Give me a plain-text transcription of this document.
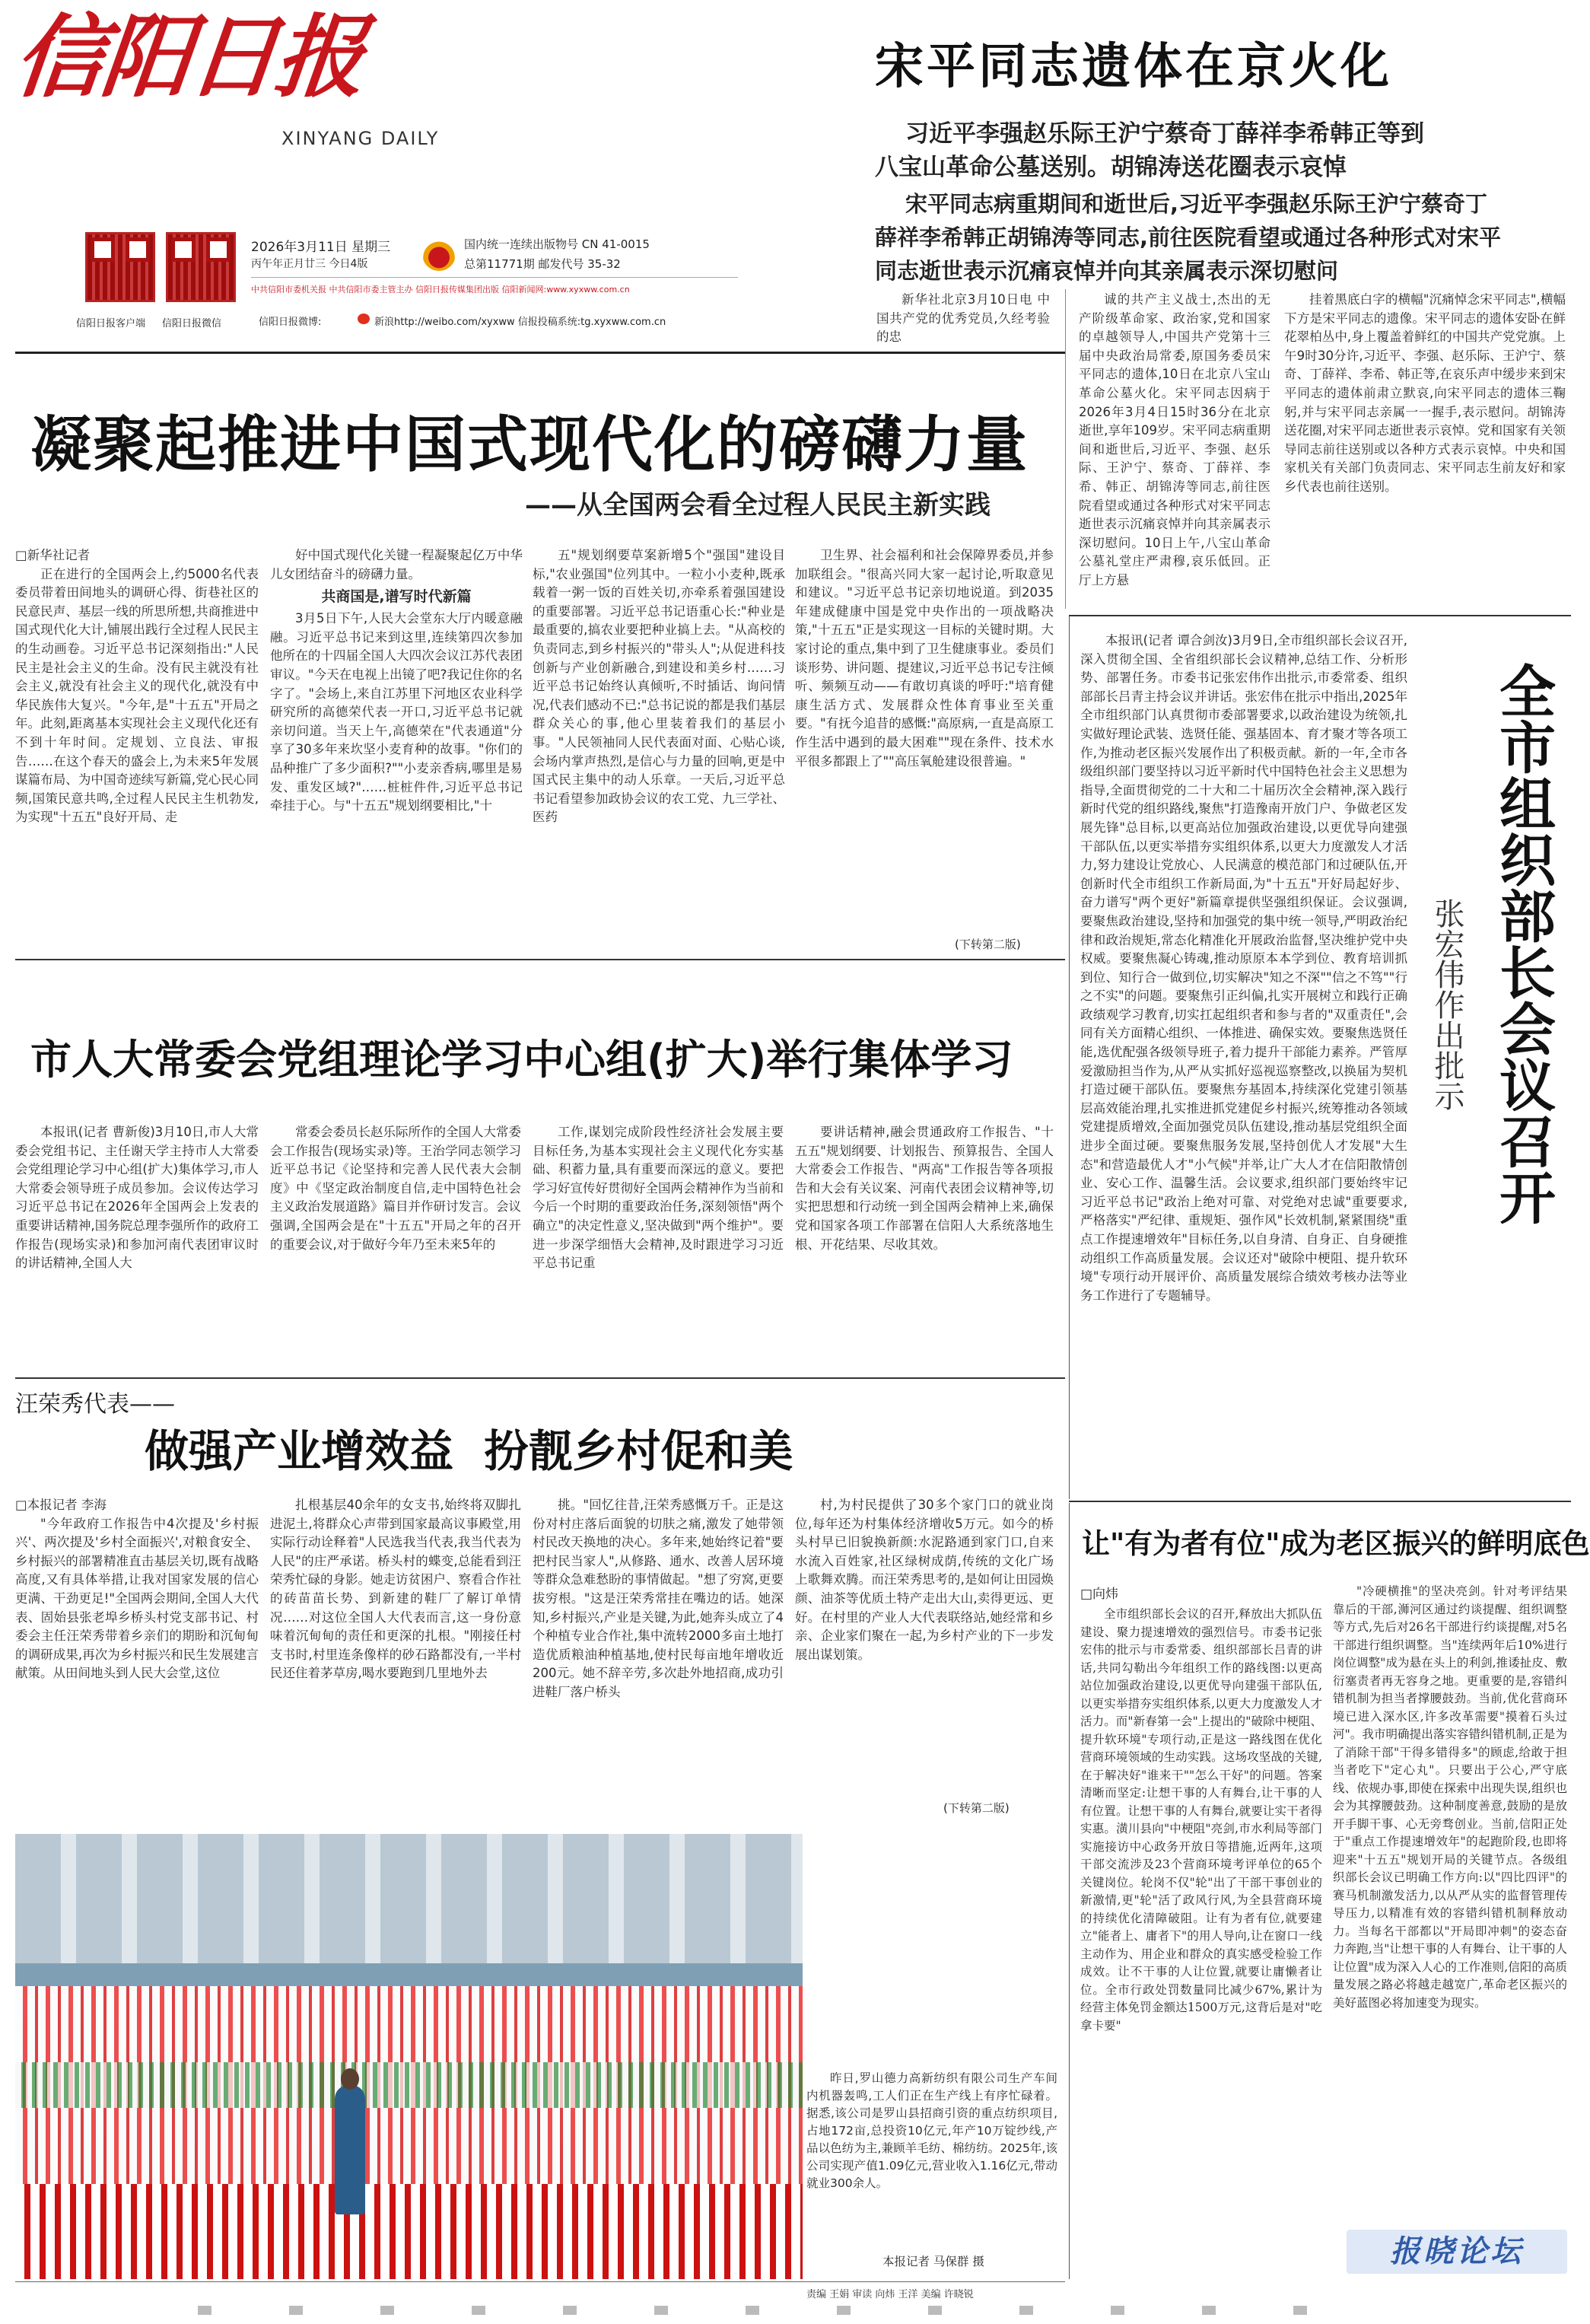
信阳日报
XINYANG DAILY
信阳日报客户端 信阳日报微信
2026年3月11日 星期三
丙午年正月廿三 今日4版
国内统一连续出版物号 CN 41-0015
总第11771期 邮发代号 35-32
中共信阳市委机关报 中共信阳市委主管主办 信阳日报传媒集团出版 信阳新闻网:www.xyxww.com.cn
信阳日报微博:	新浪http://weibo.com/xyxww 信报投稿系统:tg.xyxww.com.cn
宋平同志遗体在京火化
习近平李强赵乐际王沪宁蔡奇丁薛祥李希韩正等到
八宝山革命公墓送别。胡锦涛送花圈表示哀悼
宋平同志病重期间和逝世后,习近平李强赵乐际王沪宁蔡奇丁
薛祥李希韩正胡锦涛等同志,前往医院看望或通过各种形式对宋平
同志逝世表示沉痛哀悼并向其亲属表示深切慰问

新华社北京3月10日电 中国共产党的优秀党员,久经考验的忠

诚的共产主义战士,杰出的无产阶级革命家、政治家,党和国家的卓越领导人,中国共产党第十三届中央政治局常委,原国务委员宋平同志的遗体,10日在北京八宝山革命公墓火化。宋平同志因病于2026年3月4日15时36分在北京逝世,享年109岁。宋平同志病重期间和逝世后,习近平、李强、赵乐际、王沪宁、蔡奇、丁薛祥、李希、韩正、胡锦涛等同志,前往医院看望或通过各种形式对宋平同志逝世表示沉痛哀悼并向其亲属表示深切慰问。10日上午,八宝山革命公墓礼堂庄严肃穆,哀乐低回。正厅上方悬

挂着黑底白字的横幅"沉痛悼念宋平同志",横幅下方是宋平同志的遗像。宋平同志的遗体安卧在鲜花翠柏丛中,身上覆盖着鲜红的中国共产党党旗。上午9时30分许,习近平、李强、赵乐际、王沪宁、蔡奇、丁薛祥、李希、韩正等,在哀乐声中缓步来到宋平同志的遗体前肃立默哀,向宋平同志的遗体三鞠躬,并与宋平同志亲属一一握手,表示慰问。胡锦涛送花圈,对宋平同志逝世表示哀悼。党和国家有关领导同志前往送别或以各种方式表示哀悼。中央和国家机关有关部门负责同志、宋平同志生前友好和家乡代表也前往送别。

凝聚起推进中国式现代化的磅礴力量
——从全国两会看全过程人民民主新实践

□新华社记者

正在进行的全国两会上,约5000名代表委员带着田间地头的调研心得、街巷社区的民意民声、基层一线的所思所想,共商推进中国式现代化大计,铺展出践行全过程人民民主的生动画卷。习近平总书记深刻指出:"人民民主是社会主义的生命。没有民主就没有社会主义,就没有社会主义的现代化,就没有中华民族伟大复兴。"今年,是"十五五"开局之年。此刻,距离基本实现社会主义现代化还有不到十年时间。定规划、立良法、审报告……在这个春天的盛会上,为未来5年发展谋篇布局、为中国奇迹续写新篇,党心民心同频,国策民意共鸣,全过程人民民主生机勃发,为实现"十五五"良好开局、走

好中国式现代化关键一程凝聚起亿万中华儿女团结奋斗的磅礴力量。

共商国是,谱写时代新篇

3月5日下午,人民大会堂东大厅内暖意融融。习近平总书记来到这里,连续第四次参加他所在的十四届全国人大四次会议江苏代表团审议。"今天在电视上出镜了吧?我记住你的名字了。"会场上,来自江苏里下河地区农业科学研究所的高德荣代表一开口,习近平总书记就亲切问道。当天上午,高德荣在"代表通道"分享了30多年来坎坚小麦育种的故事。"你们的品种推广了多少面积?""小麦亲香病,哪里是易发、重发区域?"……桩桩件件,习近平总书记牵挂于心。与"十五五"规划纲要相比,"十

五"规划纲要草案新增5个"强国"建设目标,"农业强国"位列其中。一粒小小麦种,既承载着一粥一饭的百姓关切,亦牵系着强国建设的重要部署。习近平总书记语重心长:"种业是最重要的,搞农业要把种业搞上去。"从高校的负责同志,到乡村振兴的"带头人";从促进科技创新与产业创新融合,到建设和美乡村……习近平总书记始终认真倾听,不时插话、询问情况,代表们感动不已:"总书记说的都是我们基层群众关心的事,他心里装着我们的基层小事。"人民领袖同人民代表面对面、心贴心谈,会场内掌声热烈,是信心与力量的回响,更是中国式民主集中的动人乐章。一天后,习近平总书记看望参加政协会议的农工党、九三学社、医药

卫生界、社会福利和社会保障界委员,并参加联组会。"很高兴同大家一起讨论,听取意见和建议。"习近平总书记亲切地说道。到2035年建成健康中国是党中央作出的一项战略决策,"十五五"正是实现这一目标的关键时期。大家讨论的重点,集中到了卫生健康事业。委员们谈形势、讲问题、提建议,习近平总书记专注倾听、频频互动——有敢切真谈的呼吁:"培育健康生活方式、发展群众性体育事业至关重要。"有抚今追昔的感慨:"高原病,一直是高原工作生活中遇到的最大困难""现在条件、技术水平很多都跟上了""高压氧舱建设很普遍。"

(下转第二版)	全市组织部长会议召开
张宏伟作出批示

本报讯(记者 谭合剑汝)3月9日,全市组织部长会议召开,深入贯彻全国、全省组织部长会议精神,总结工作、分析形势、部署任务。市委书记张宏伟作出批示,市委常委、组织部部长吕青主持会议并讲话。张宏伟在批示中指出,2025年全市组织部门认真贯彻市委部署要求,以政治建设为统领,扎实做好理论武装、选贤任能、强基固本、育才聚才等各项工作,为推动老区振兴发展作出了积极贡献。新的一年,全市各级组织部门要坚持以习近平新时代中国特色社会主义思想为指导,全面贯彻党的二十大和二十届历次全会精神,深入践行新时代党的组织路线,聚焦"打造豫南开放门户、争做老区发展先锋"总目标,以更高站位加强政治建设,以更优导向建强干部队伍,以更实举措夯实组织体系,以更大力度激发人才活力,努力建设让党放心、人民满意的模范部门和过硬队伍,开创新时代全市组织工作新局面,为"十五五"开好局起好步、奋力谱写"两个更好"新篇章提供坚强组织保证。会议强调,要聚焦政治建设,坚持和加强党的集中统一领导,严明政治纪律和政治规矩,常态化精准化开展政治监督,坚决维护党中央权威。要聚焦凝心铸魂,推动原原本本学到位、教育培训抓到位、知行合一做到位,切实解决"知之不深""信之不笃""行之不实"的问题。要聚焦引正纠偏,扎实开展树立和践行正确政绩观学习教育,切实扛起组织者和参与者的"双重责任",会同有关方面精心组织、一体推进、确保实效。要聚焦选贤任能,选优配强各级领导班子,着力提升干部能力素养。严管厚爱激励担当作为,从严从实抓好巡视巡察整改,以换届为契机打造过硬干部队伍。要聚焦夯基固本,持续深化党建引领基层高效能治理,扎实推进抓党建促乡村振兴,统筹推动各领域党建提质增效,全面加强党员队伍建设,推动基层党组织全面进步全面过硬。要聚焦服务发展,坚持创优人才发展"大生态"和营造最优人才"小气候"并举,让广大人才在信阳散情创业、安心工作、温馨生活。会议要求,组织部门要始终牢记习近平总书记"政治上绝对可靠、对党绝对忠诚"重要要求,严格落实"严纪律、重规矩、强作风"长效机制,紧紧围绕"重点工作提速增效年"目标任务,以自身清、自身正、自身硬推动组织工作高质量发展。会议还对"破除中梗阻、提升软环境"专项行动开展评价、高质量发展综合绩效考核办法等业务工作进行了专题辅导。

市人大常委会党组理论学习中心组(扩大)举行集体学习

本报讯(记者 曹新俊)3月10日,市人大常委会党组书记、主任谢天学主持市人大常委会党组理论学习中心组(扩大)集体学习,市人大常委会领导班子成员参加。会议传达学习习近平总书记在2026年全国两会上发表的重要讲话精神,国务院总理李强所作的政府工作报告(现场实录)和参加河南代表团审议时的讲话精神,全国人大

常委会委员长赵乐际所作的全国人大常委会工作报告(现场实录)等。王治学同志领学习近平总书记《论坚持和完善人民代表大会制度》中《坚定政治制度自信,走中国特色社会主义政治发展道路》篇目并作研讨发言。会议强调,全国两会是在"十五五"开局之年的召开的重要会议,对于做好今年乃至未来5年的

工作,谋划完成阶段性经济社会发展主要目标任务,为基本实现社会主义现代化夯实基础、积蓄力量,具有重要而深远的意义。要把学习好宣传好贯彻好全国两会精神作为当前和今后一个时期的重要政治任务,深刻领悟"两个确立"的决定性意义,坚决做到"两个维护"。要进一步深学细悟大会精神,及时跟进学习习近平总书记重

要讲话精神,融会贯通政府工作报告、"十五五"规划纲要、计划报告、预算报告、全国人大常委会工作报告、"两高"工作报告等各项报告和大会有关议案、河南代表团会议精神等,切实把思想和行动统一到全国两会精神上来,确保党和国家各项工作部署在信阳人大系统落地生根、开花结果、尽收其效。

汪荣秀代表——
做强产业增效益  扮靓乡村促和美

□本报记者 李海

"今年政府工作报告中4次提及'乡村振兴'、两次提及'乡村全面振兴',对粮食安全、乡村振兴的部署精准直击基层关切,既有战略高度,又有具体举措,让我对国家发展的信心更满、干劲更足!"全国两会期间,全国人大代表、固始县张老埠乡桥头村党支部书记、村委会主任汪荣秀带着乡亲们的期盼和沉甸甸的调研成果,再次为乡村振兴和民生发展建言献策。从田间地头到人民大会堂,这位

扎根基层40余年的女支书,始终将双脚扎进泥土,将群众心声带到国家最高议事殿堂,用实际行动诠释着"人民选我当代表,我当代表为人民"的庄严承诺。桥头村的蝶变,总能看到汪荣秀忙碌的身影。她走访贫困户、察看合作社的砖苗苗长势、到新建的鞋厂了解订单情况……对这位全国人大代表而言,这一身份意味着沉甸甸的责任和更深的扎根。"刚接任村支书时,村里连条像样的砂石路都没有,一半村民还住着茅草房,喝水要跑到几里地外去

挑。"回忆往昔,汪荣秀感慨万千。正是这份对村庄落后面貌的切肤之痛,激发了她带领村民改天换地的决心。多年来,她始终记着"要把村民当家人",从修路、通水、改善人居环境等群众急难愁盼的事情做起。"想了穷窝,更要拔穷根。"这是汪荣秀常挂在嘴边的话。她深知,乡村振兴,产业是关键,为此,她奔头成立了4个种植专业合作社,集中流转2000多亩土地打造优质粮油种植基地,使村民每亩地年增收近200元。她不辞辛劳,多次赴外地招商,成功引进鞋厂落户桥头

村,为村民提供了30多个家门口的就业岗位,每年还为村集体经济增收5万元。如今的桥头村早已旧貌换新颜:水泥路通到家门口,自来水流入百姓家,社区绿树成荫,传统的文化广场上歌舞欢腾。而汪荣秀思考的,是如何让田园焕颜、油茶等优质土特产走出大山,卖得更远、更好。在村里的产业人大代表联络站,她经常和乡亲、企业家们聚在一起,为乡村产业的下一步发展出谋划策。

(下转第二版)

昨日,罗山德力高新纺织有限公司生产车间内机器轰鸣,工人们正在生产线上有序忙碌着。据悉,该公司是罗山县招商引资的重点纺织项目,占地172亩,总投资10亿元,年产10万锭纱线,产品以色纺为主,兼顾羊毛纺、棉纺纺。2025年,该公司实现产值1.09亿元,营业收入1.16亿元,带动就业300余人。

本报记者 马保群 摄
让"有为者有位"成为老区振兴的鲜明底色
□向炜

全市组织部长会议的召开,释放出大抓队伍建设、聚力提速增效的强烈信号。市委书记张宏伟的批示与市委常委、组织部部长吕青的讲话,共同勾勒出今年组织工作的路线图:以更高站位加强政治建设,以更优导向建强干部队伍,以更实举措夯实组织体系,以更大力度激发人才活力。而"新春第一会"上提出的"破除中梗阻、提升软环境"专项行动,正是这一路线图在优化营商环境领域的生动实践。这场攻坚战的关键,在于解决好"谁来干""怎么干好"的问题。答案清晰而坚定:让想干事的人有舞台,让干事的人有位置。让想干事的人有舞台,就要让实干者得实惠。潢川县向"中梗阻"亮剑,市水利局等部门实施接访中心政务开放日等措施,近两年,这项干部交流涉及23个营商环境考评单位的65个关键岗位。轮岗不仅"轮"出了干部干事创业的新激情,更"轮"活了政风行风,为全县营商环境的持续优化清障破阻。让有为者有位,就要建立"能者上、庸者下"的用人导向,让在窗口一线主动作为、用企业和群众的真实感受检验工作成效。让不干事的人让位置,就要让庸懒者让位。全市行政处罚数量同比减少67%,累计为经营主体免罚金额达1500万元,这背后是对"吃拿卡要"

"冷硬横推"的坚决亮剑。针对考评结果靠后的干部,浉河区通过约谈提醒、组织调整等方式,先后对26名干部进行约谈提醒,对5名干部进行组织调整。当"连续两年后10%进行岗位调整"成为悬在头上的利剑,推诿扯皮、敷衍塞责者再无容身之地。更重要的是,容错纠错机制为担当者撑腰鼓劲。当前,优化营商环境已进入深水区,许多改革需要"摸着石头过河"。我市明确提出落实容错纠错机制,正是为了消除干部"干得多错得多"的顾虑,给敢于担当者吃下"定心丸"。只要出于公心,严守底线、依规办事,即使在探索中出现失误,组织也会为其撑腰鼓劲。这种制度善意,鼓励的是放开手脚干事、心无旁骛创业。当前,信阳正处于"重点工作提速增效年"的起跑阶段,也即将迎来"十五五"规划开局的关键节点。各级组织部长会议已明确工作方向:以"四比四评"的赛马机制激发活力,以从严从实的监督管理传导压力,以精准有效的容错纠错机制释放动力。当每名干部都以"开局即冲刺"的姿态奋力奔跑,当"让想干事的人有舞台、让干事的人让位置"成为深入人心的工作准则,信阳的高质量发展之路必将越走越宽广,革命老区振兴的美好蓝图必将加速变为现实。

报晓论坛
责编 王娟 审读 向炜 王洋 美编 许晓锐
